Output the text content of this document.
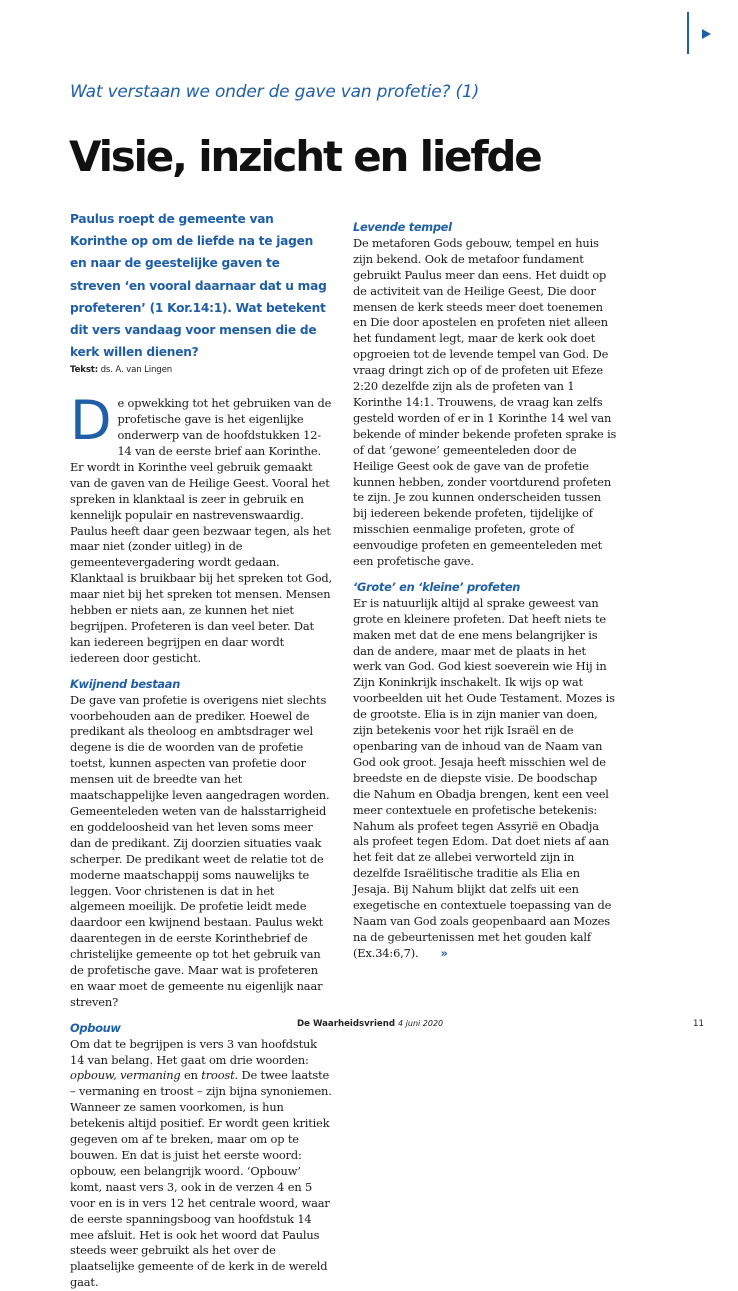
Wat verstaan we onder de gave van profetie? (1)
Visie, inzicht en liefde

Paulus roept de gemeente van Korinthe op om de liefde na te jagen en naar de geestelijke gaven te streven ‘en vooral daarnaar dat u mag profeteren’ (1 Kor.14:1). Wat betekent dit vers vandaag voor mensen die de kerk willen dienen?

Tekst: ds. A. van Lingen

D e opwekking tot het gebruiken van de profetische gave is het eigenlijke onderwerp van de hoofdstukken 12-14 van de eerste brief aan Korinthe. Er wordt in Korinthe veel gebruik gemaakt van de gaven van de Heilige Geest. Vooral het spreken in klanktaal is zeer in gebruik en kennelijk populair en nastrevenswaardig.

Paulus heeft daar geen bezwaar tegen, als het maar niet (zonder uitleg) in de gemeentevergadering wordt gedaan. Klanktaal is bruikbaar bij het spreken tot God, maar niet bij het spreken tot mensen. Mensen hebben er niets aan, ze kunnen het niet begrijpen. Profeteren is dan veel beter. Dat kan iedereen begrijpen en daar wordt iedereen door gesticht.

Kwijnend bestaan

De gave van profetie is overigens niet slechts voorbehouden aan de prediker. Hoewel de predikant als theoloog en ambtsdrager wel degene is die de woorden van de profetie toetst, kunnen aspecten van profetie door mensen uit de breedte van het maatschappelijke leven aangedragen worden. Gemeenteleden weten van de halsstarrigheid en goddeloosheid van het leven soms meer dan de predikant. Zij doorzien situaties vaak scherper. De predikant weet de relatie tot de moderne maatschappij soms nauwelijks te leggen. Voor christenen is dat in het algemeen moeilijk. De profetie leidt mede daardoor een kwijnend bestaan. Paulus wekt daarentegen in de eerste Korinthebrief de christelijke gemeente op tot het gebruik van de profetische gave. Maar wat is profeteren en waar moet de gemeente nu eigenlijk naar streven?

Opbouw

Om dat te begrijpen is vers 3 van hoofdstuk 14 van belang. Het gaat om drie woorden: opbouw, vermaning en troost. De twee laatste – vermaning en troost – zijn bijna synoniemen. Wanneer ze samen voorkomen, is hun betekenis altijd positief. Er wordt geen kritiek gegeven om af te breken, maar om op te bouwen. En dat is juist het eerste woord: opbouw, een belangrijk woord. ‘Opbouw’ komt, naast vers 3, ook in de verzen 4 en 5 voor en is in vers 12 het centrale woord, waar de eerste spanningsboog van hoofdstuk 14 mee afsluit. Het is ook het woord dat Paulus steeds weer gebruikt als het over de plaatselijke gemeente of de kerk in de wereld gaat.

Levende tempel

De metaforen Gods gebouw, tempel en huis zijn bekend. Ook de metafoor fundament gebruikt Paulus meer dan eens. Het duidt op de activiteit van de Heilige Geest, Die door mensen de kerk steeds meer doet toenemen en Die door apostelen en profeten niet alleen het fundament legt, maar de kerk ook doet opgroeien tot de levende tempel van God. De vraag dringt zich op of de profeten uit Efeze 2:20 dezelfde zijn als de profeten van 1 Korinthe 14:1. Trouwens, de vraag kan zelfs gesteld worden of er in 1 Korinthe 14 wel van bekende of minder bekende profeten sprake is of dat ‘gewone’ gemeenteleden door de Heilige Geest ook de gave van de profetie kunnen hebben, zonder voortdurend profeten te zijn. Je zou kunnen onderscheiden tussen bij iedereen bekende profeten, tijdelijke of misschien eenmalige profeten, grote of eenvoudige profeten en gemeenteleden met een profetische gave.

‘Grote’ en ‘kleine’ profeten

Er is natuurlijk altijd al sprake geweest van grote en kleinere profeten. Dat heeft niets te maken met dat de ene mens belangrijker is dan de andere, maar met de plaats in het werk van God. God kiest soeverein wie Hij in Zijn Koninkrijk inschakelt. Ik wijs op wat voorbeelden uit het Oude Testament. Mozes is de grootste. Elia is in zijn manier van doen, zijn betekenis voor het rijk Israël en de openbaring van de inhoud van de Naam van God ook groot. Jesaja heeft misschien wel de breedste en de diepste visie. De boodschap die Nahum en Obadja brengen, kent een veel meer contextuele en profetische betekenis: Nahum als profeet tegen Assyrië en Obadja als profeet tegen Edom. Dat doet niets af aan het feit dat ze allebei verworteld zijn in dezelfde Israëlitische traditie als Elia en Jesaja. Bij Nahum blijkt dat zelfs uit een exegetische en contextuele toepassing van de Naam van God zoals geopenbaard aan Mozes na de gebeurtenissen met het gouden kalf (Ex.34:6,7). »

De Waarheidsvriend 4 juni 2020	11
